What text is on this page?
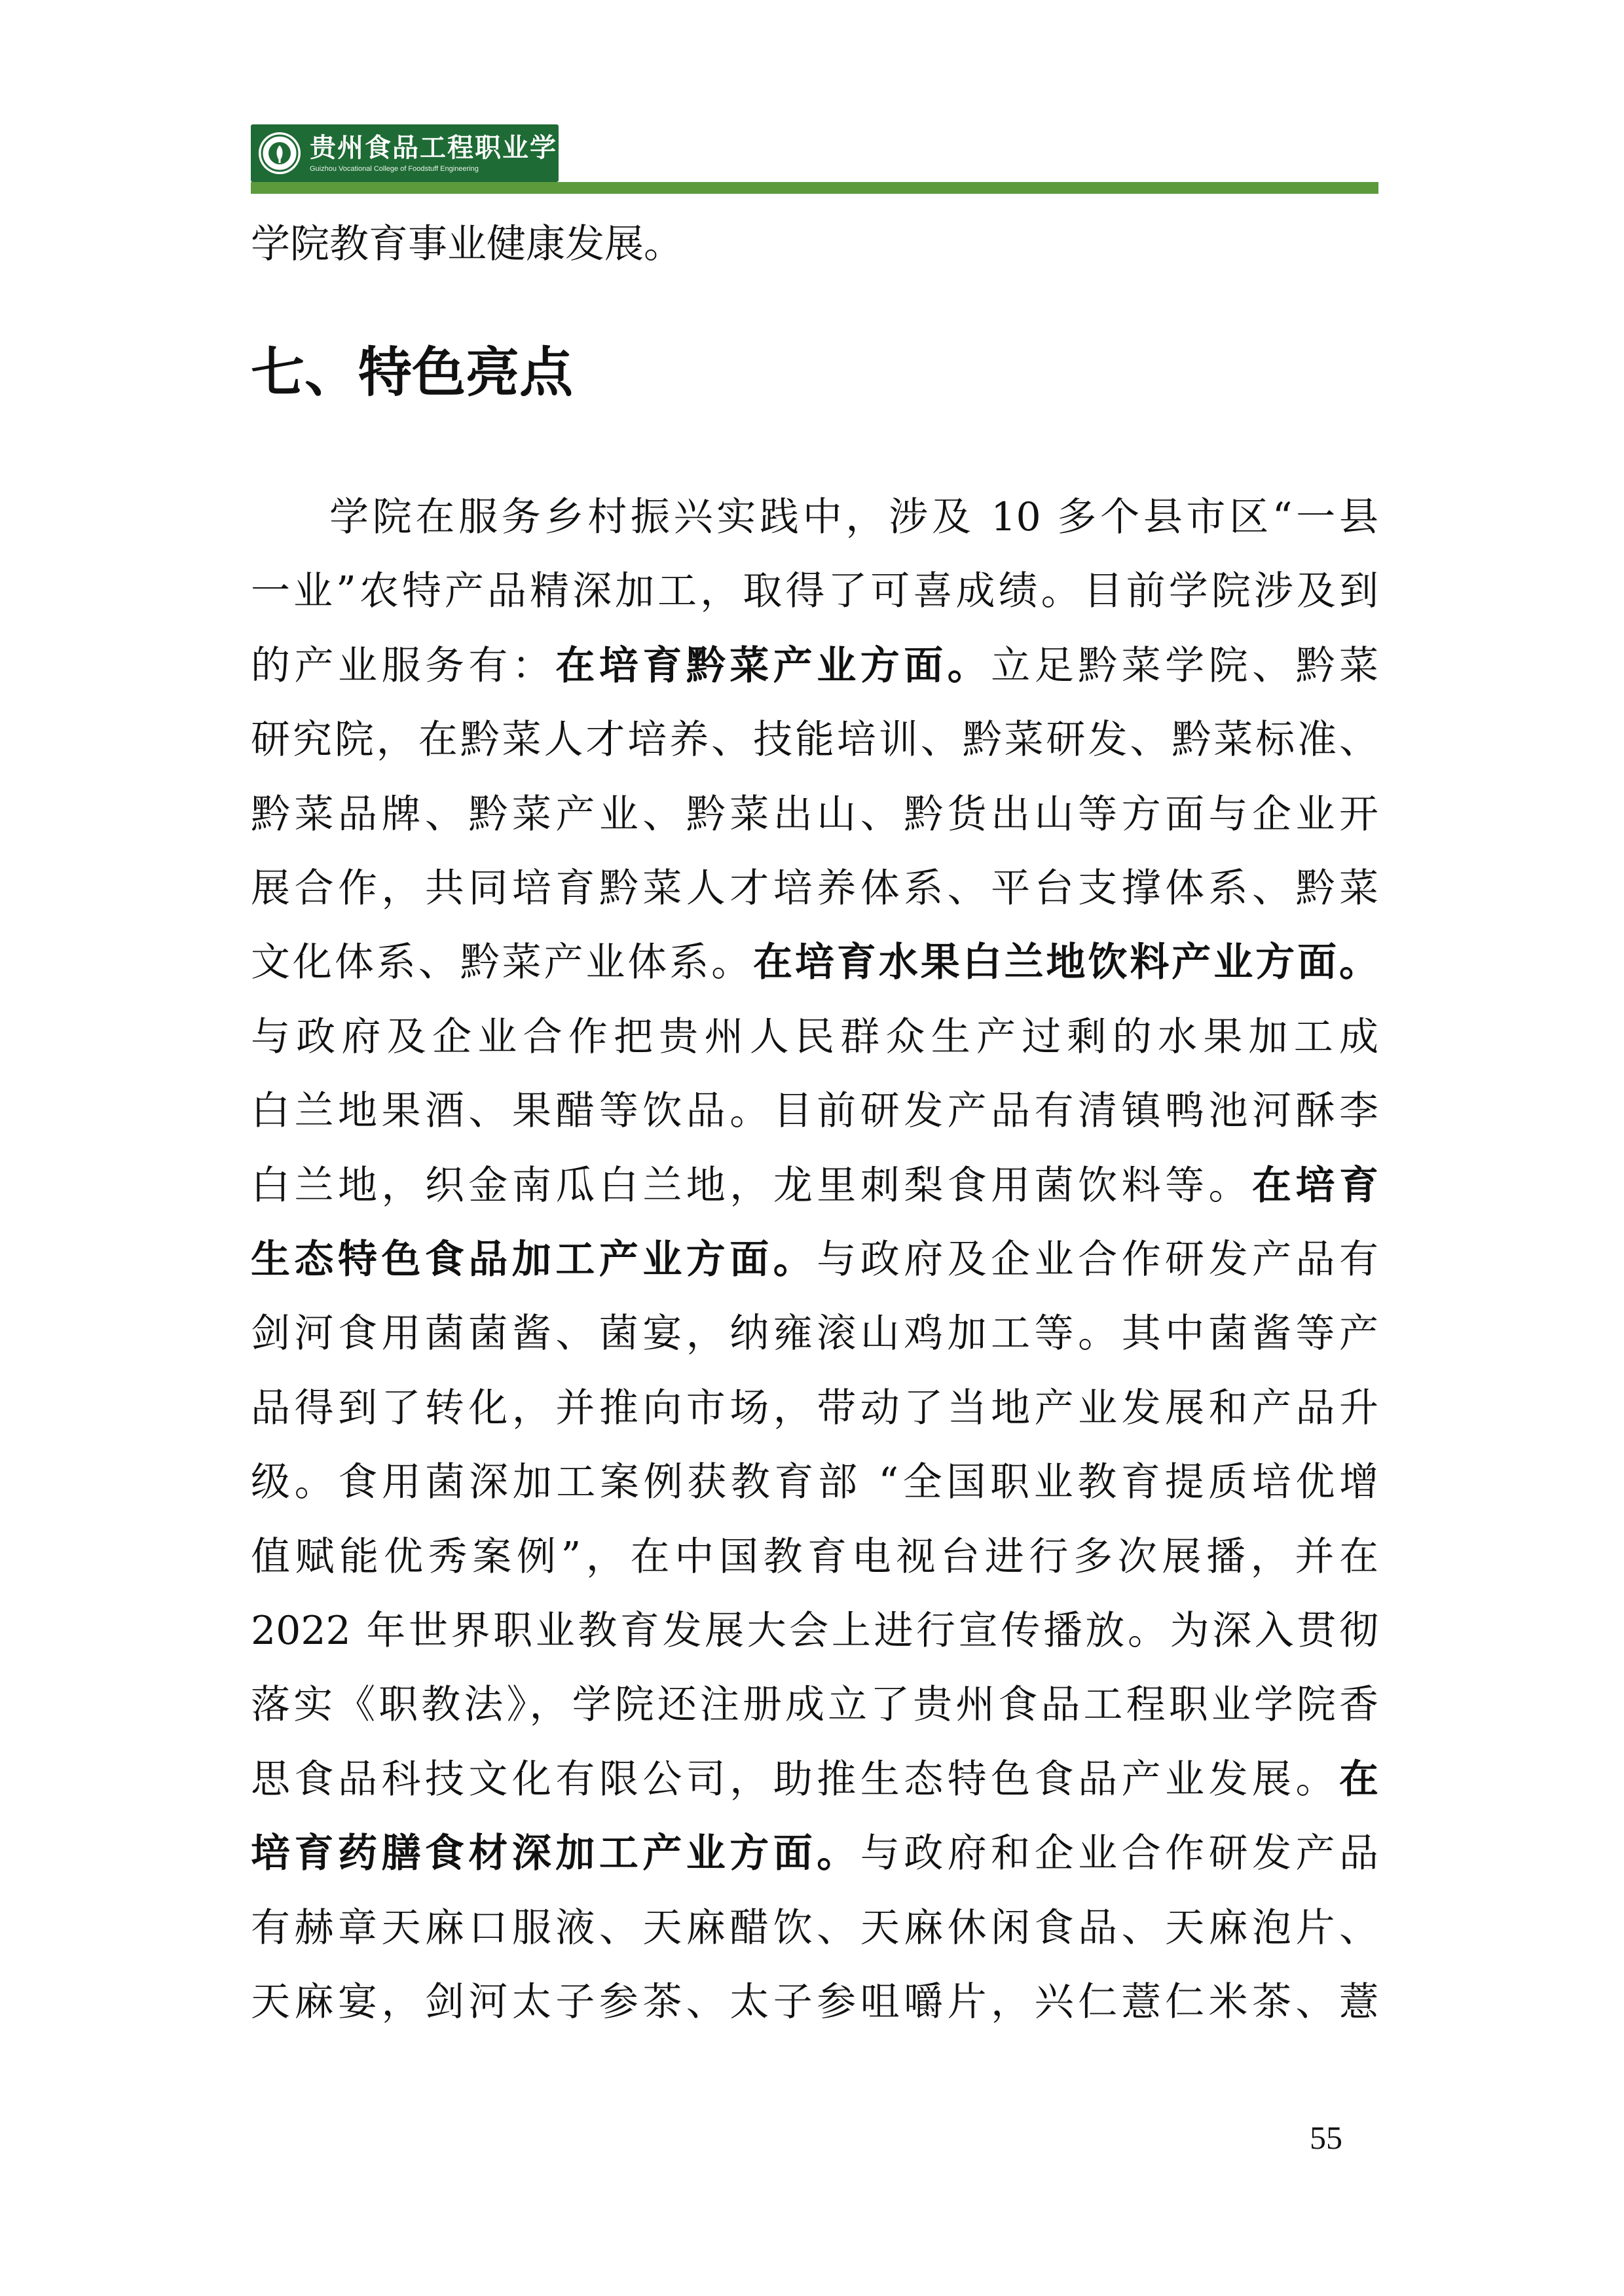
贵州食品工程职业学院
Guizhou Vocational College of Foodstuff Engineering
学院教育事业健康发展。
七、特色亮点
学院在服务乡村振兴实践中，涉及 10 多个县市区“一县
一业”农特产品精深加工，取得了可喜成绩。目前学院涉及到
的产业服务有：在培育黔菜产业方面。立足黔菜学院、黔菜
研究院，在黔菜人才培养、技能培训、黔菜研发、黔菜标准、
黔菜品牌、黔菜产业、黔菜出山、黔货出山等方面与企业开
展合作，共同培育黔菜人才培养体系、平台支撑体系、黔菜
文化体系、黔菜产业体系。在培育水果白兰地饮料产业方面。
与政府及企业合作把贵州人民群众生产过剩的水果加工成
白兰地果酒、果醋等饮品。目前研发产品有清镇鸭池河酥李
白兰地，织金南瓜白兰地，龙里刺梨食用菌饮料等。在培育
生态特色食品加工产业方面。与政府及企业合作研发产品有
剑河食用菌菌酱、菌宴，纳雍滚山鸡加工等。其中菌酱等产
品得到了转化，并推向市场，带动了当地产业发展和产品升
级。食用菌深加工案例获教育部 “全国职业教育提质培优增
值赋能优秀案例”，在中国教育电视台进行多次展播，并在
2022 年世界职业教育发展大会上进行宣传播放。为深入贯彻
落实《职教法》，学院还注册成立了贵州食品工程职业学院香
思食品科技文化有限公司，助推生态特色食品产业发展。在
培育药膳食材深加工产业方面。与政府和企业合作研发产品
有赫章天麻口服液、天麻醋饮、天麻休闲食品、天麻泡片、
天麻宴，剑河太子参茶、太子参咀嚼片，兴仁薏仁米茶、薏
55
